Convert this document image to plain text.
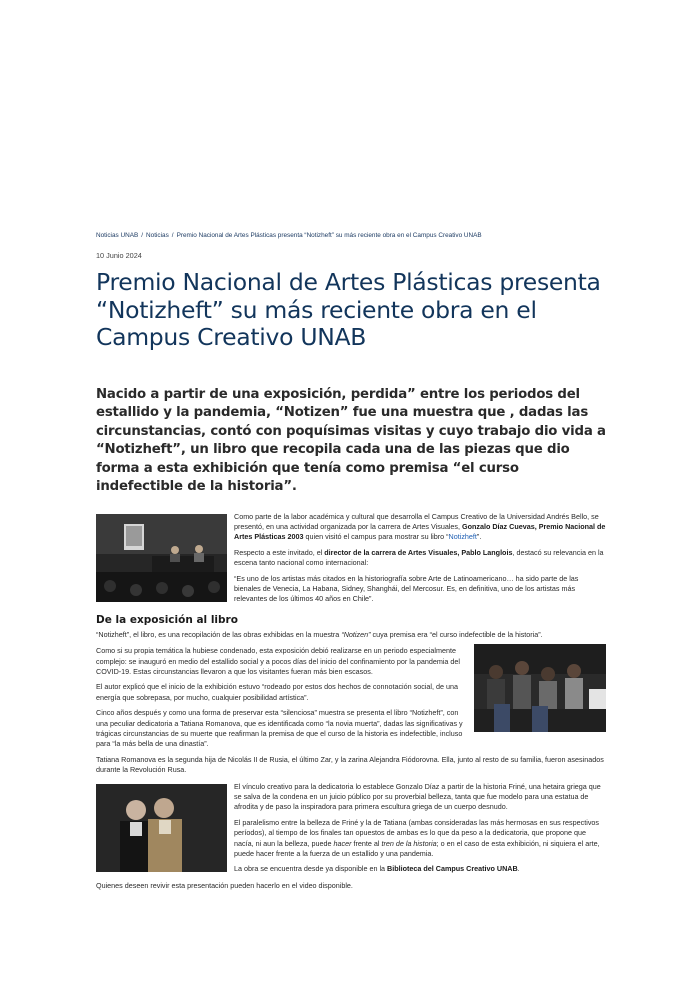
Noticias UNAB / Noticias / Premio Nacional de Artes Plásticas presenta “Notizheft” su más reciente obra en el Campus Creativo UNAB
10 Junio 2024
Premio Nacional de Artes Plásticas presenta “Notizheft” su más reciente obra en el Campus Creativo UNAB

Nacido a partir de una exposición, perdida” entre los periodos del estallido y la pandemia, “Notizen” fue una muestra que , dadas las circunstancias, contó con poquísimas visitas y cuyo trabajo dio vida a “Notizheft”, un libro que recopila cada una de las piezas que dio forma a esta exhibición que tenía como premisa “el curso indefectible de la historia”.

Como parte de la labor académica y cultural que desarrolla el Campus Creativo de la Universidad Andrés Bello, se presentó, en una actividad organizada por la carrera de Artes Visuales, Gonzalo Díaz Cuevas, Premio Nacional de Artes Plásticas 2003 quien visitó el campus para mostrar su libro “Notizheft”.

Respecto a este invitado, el director de la carrera de Artes Visuales, Pablo Langlois, destacó su relevancia en la escena tanto nacional como internacional:

“Es uno de los artistas más citados en la historiografía sobre Arte de Latinoamericano… ha sido parte de las bienales de Venecia, La Habana, Sidney, Shanghái, del Mercosur. Es, en definitiva, uno de los artistas más relevantes de los últimos 40 años en Chile”.

De la exposición al libro

“Notizheft”, el libro, es una recopilación de las obras exhibidas en la muestra “Notizen” cuya premisa era “el curso indefectible de la historia”.

Como si su propia temática la hubiese condenado, esta exposición debió realizarse en un periodo especialmente complejo: se inauguró en medio del estallido social y a pocos días del inicio del confinamiento por la pandemia del COVID-19. Estas circunstancias llevaron a que los visitantes fueran más bien escasos.

El autor explicó que el inicio de la exhibición estuvo “rodeado por estos dos hechos de connotación social, de una energía que sobrepasa, por mucho, cualquier posibilidad artística”.

Cinco años después y como una forma de preservar esta “silenciosa” muestra se presenta el libro “Notizheft”, con una peculiar dedicatoria a Tatiana Romanova, que es identificada como “la novia muerta”, dadas las significativas y trágicas circunstancias de su muerte que reafirman la premisa de que el curso de la historia es indefectible, incluso para “la más bella de una dinastía”.

Tatiana Romanova es la segunda hija de Nicolás II de Rusia, el último Zar, y la zarina Alejandra Fiódorovna. Ella, junto al resto de su familia, fueron asesinados durante la Revolución Rusa.

El vínculo creativo para la dedicatoria lo establece Gonzalo Díaz a partir de la historia Friné, una hetaira griega que se salva de la condena en un juicio público por su proverbial belleza, tanta que fue modelo para una estatua de afrodita y de paso la inspiradora para primera escultura griega de un cuerpo desnudo.

El paralelismo entre la belleza de Friné y la de Tatiana (ambas consideradas las más hermosas en sus respectivos períodos), al tiempo de los finales tan opuestos de ambas es lo que da peso a la dedicatoria, que propone que nacía, ni aun la belleza, puede hacer frente al tren de la historia; o en el caso de esta exhibición, ni siquiera el arte, puede hacer frente a la fuerza de un estallido y una pandemia.

La obra se encuentra desde ya disponible en la Biblioteca del Campus Creativo UNAB.

Quienes deseen revivir esta presentación pueden hacerlo en el video disponible.
